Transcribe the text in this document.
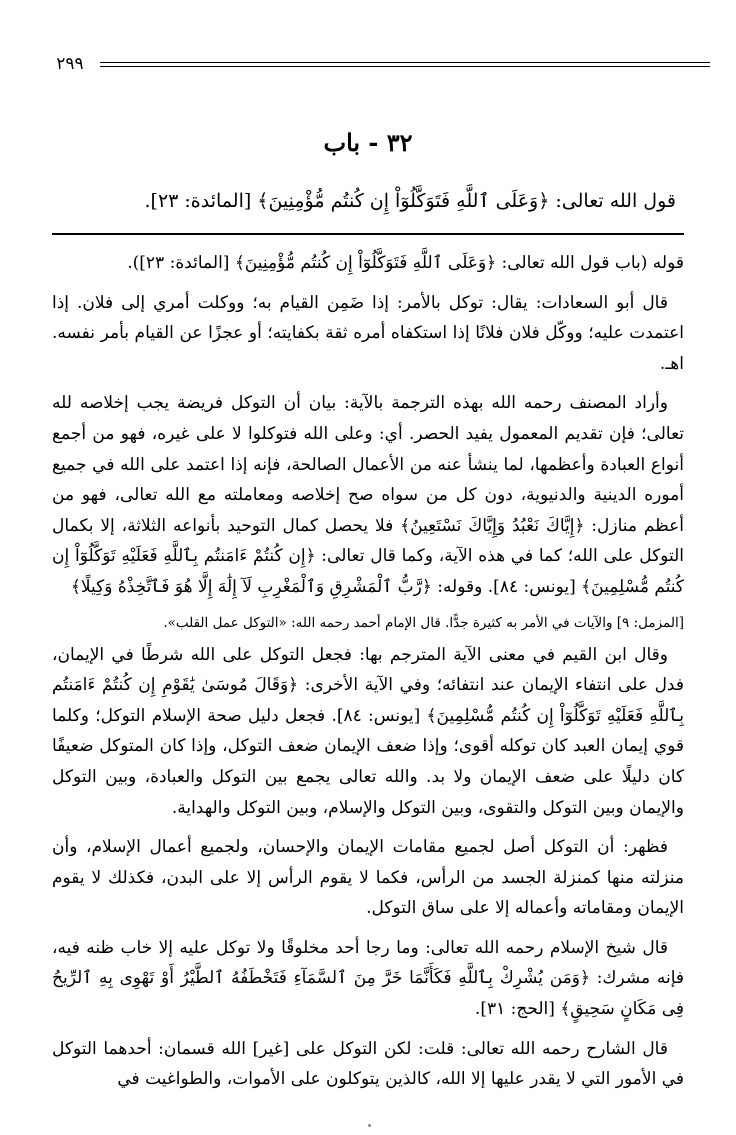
٢٩٩
٣٢ - باب
قول الله تعالى: ﴿وَعَلَى ٱللَّهِ فَتَوَكَّلُوٓاْ إِن كُنتُم مُّؤْمِنِينَ﴾ [المائدة: ٢٣].

قوله (باب قول الله تعالى: ﴿وَعَلَى ٱللَّهِ فَتَوَكَّلُوٓاْ إِن كُنتُم مُّؤْمِنِينَ﴾ [المائدة: ٢٣]).

قال أبو السعادات: يقال: توكل بالأمر: إذا ضَمِن القيام به؛ ووكلت أمري إلى فلان. إذا اعتمدت عليه؛ ووكّل فلان فلانًا إذا استكفاه أمره ثقة بكفايته؛ أو عجزًا عن القيام بأمر نفسه. اهـ.

وأراد المصنف رحمه الله بهذه الترجمة بالآية: بيان أن التوكل فريضة يجب إخلاصه لله تعالى؛ فإن تقديم المعمول يفيد الحصر. أي: وعلى الله فتوكلوا لا على غيره، فهو من أجمع أنواع العبادة وأعظمها، لما ينشأ عنه من الأعمال الصالحة، فإنه إذا اعتمد على الله في جميع أموره الدينية والدنيوية، دون كل من سواه صح إخلاصه ومعاملته مع الله تعالى، فهو من أعظم منازل: ﴿إِيَّاكَ نَعْبُدُ وَإِيَّاكَ نَسْتَعِينُ﴾ فلا يحصل كمال التوحيد بأنواعه الثلاثة، إلا بكمال التوكل على الله؛ كما في هذه الآية، وكما قال تعالى: ﴿إِن كُنتُمْ ءَامَنتُم بِٱللَّهِ فَعَلَيْهِ تَوَكَّلُوٓاْ إِن كُنتُم مُّسْلِمِينَ﴾ [يونس: ٨٤]. وقوله: ﴿رَّبُّ ٱلْمَشْرِقِ وَٱلْمَغْرِبِ لَآ إِلَٰهَ إِلَّا هُوَ فَٱتَّخِذْهُ وَكِيلًا﴾

[المزمل: ٩] والآيات في الأمر به كثيرة جدًّا. قال الإمام أحمد رحمه الله: «التوكل عمل القلب».

وقال ابن القيم في معنى الآية المترجم بها: فجعل التوكل على الله شرطًا في الإيمان، فدل على انتفاء الإيمان عند انتفائه؛ وفي الآية الأخرى: ﴿وَقَالَ مُوسَىٰ يَٰقَوْمِ إِن كُنتُمْ ءَامَنتُم بِٱللَّهِ فَعَلَيْهِ تَوَكَّلُوٓاْ إِن كُنتُم مُّسْلِمِينَ﴾ [يونس: ٨٤]. فجعل دليل صحة الإسلام التوكل؛ وكلما قوي إيمان العبد كان توكله أقوى؛ وإذا ضعف الإيمان ضعف التوكل، وإذا كان المتوكل ضعيفًا كان دليلًا على ضعف الإيمان ولا بد. والله تعالى يجمع بين التوكل والعبادة، وبين التوكل والإيمان وبين التوكل والتقوى، وبين التوكل والإسلام، وبين التوكل والهداية.

فظهر: أن التوكل أصل لجميع مقامات الإيمان والإحسان، ولجميع أعمال الإسلام، وأن منزلته منها كمنزلة الجسد من الرأس، فكما لا يقوم الرأس إلا على البدن، فكذلك لا يقوم الإيمان ومقاماته وأعماله إلا على ساق التوكل.

قال شيخ الإسلام رحمه الله تعالى: وما رجا أحد مخلوقًا ولا توكل عليه إلا خاب ظنه فيه، فإنه مشرك: ﴿وَمَن يُشْرِكْ بِٱللَّهِ فَكَأَنَّمَا خَرَّ مِنَ ٱلسَّمَآءِ فَتَخْطَفُهُ ٱلطَّيْرُ أَوْ تَهْوِى بِهِ ٱلرِّيحُ فِى مَكَانٍ سَحِيقٍ﴾ [الحج: ٣١].

قال الشارح رحمه الله تعالى: قلت: لكن التوكل على [غير] الله قسمان: أحدهما التوكل في الأمور التي لا يقدر عليها إلا الله، كالذين يتوكلون على الأموات، والطواغيت في
